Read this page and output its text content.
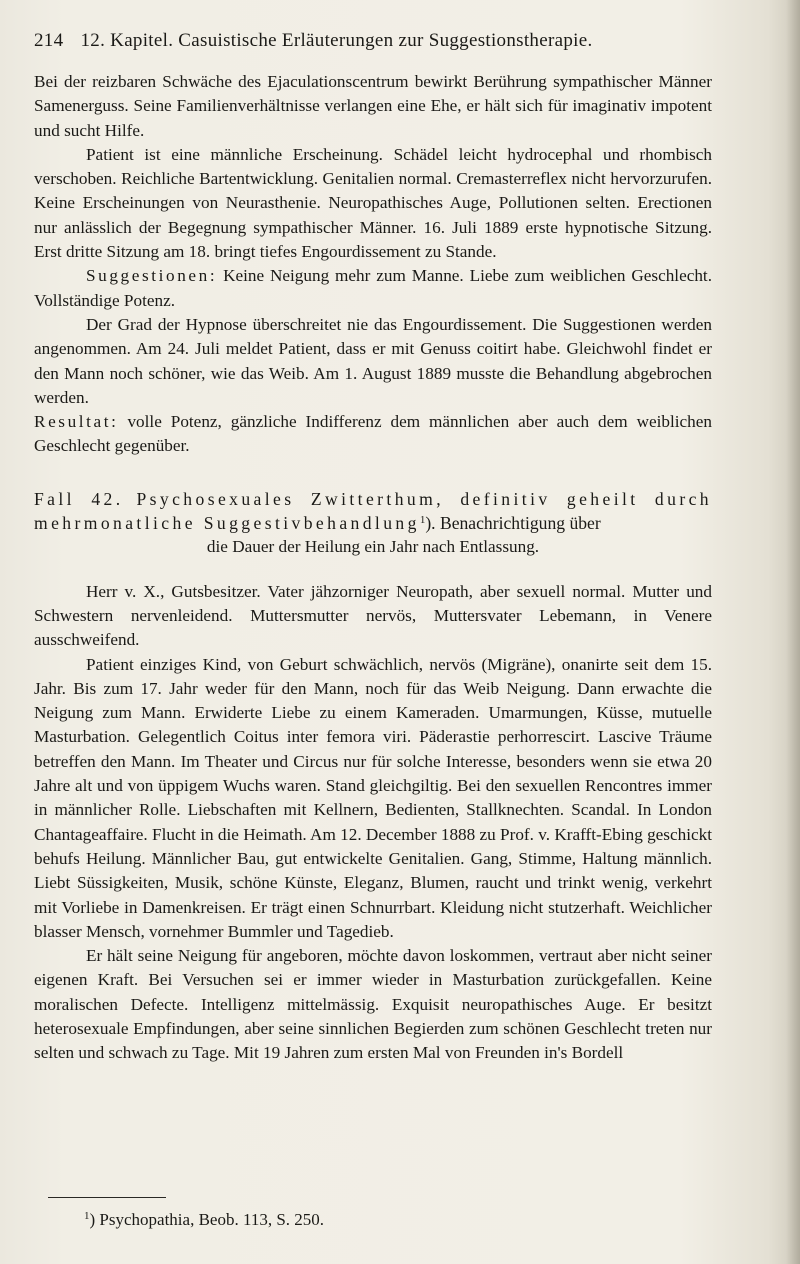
214 12. Kapitel. Casuistische Erläuterungen zur Suggestionstherapie.

Bei der reizbaren Schwäche des Ejaculationscentrum bewirkt Berührung sympathischer Männer Samenerguss. Seine Familienverhältnisse verlangen eine Ehe, er hält sich für imaginativ impotent und sucht Hilfe.

Patient ist eine männliche Erscheinung. Schädel leicht hydrocephal und rhombisch verschoben. Reichliche Bartentwicklung. Genitalien normal. Cremasterreflex nicht hervorzurufen. Keine Erscheinungen von Neurasthenie. Neuropathisches Auge, Pollutionen selten. Erectionen nur anlässlich der Begegnung sympathischer Männer. 16. Juli 1889 erste hypnotische Sitzung. Erst dritte Sitzung am 18. bringt tiefes Engourdissement zu Stande.

Suggestionen: Keine Neigung mehr zum Manne. Liebe zum weiblichen Geschlecht. Vollständige Potenz.

Der Grad der Hypnose überschreitet nie das Engourdissement. Die Suggestionen werden angenommen. Am 24. Juli meldet Patient, dass er mit Genuss coitirt habe. Gleichwohl findet er den Mann noch schöner, wie das Weib. Am 1. August 1889 musste die Behandlung abgebrochen werden.

Resultat: volle Potenz, gänzliche Indifferenz dem männlichen aber auch dem weiblichen Geschlecht gegenüber.

Fall 42. Psychosexuales Zwitterthum, definitiv geheilt durch mehrmonatliche Suggestivbehandlung$^1$). Benachrichtigung über

die Dauer der Heilung ein Jahr nach Entlassung.

Herr v. X., Gutsbesitzer. Vater jähzorniger Neuropath, aber sexuell normal. Mutter und Schwestern nervenleidend. Muttersmutter nervös, Muttersvater Lebemann, in Venere ausschweifend.

Patient einziges Kind, von Geburt schwächlich, nervös (Migräne), onanirte seit dem 15. Jahr. Bis zum 17. Jahr weder für den Mann, noch für das Weib Neigung. Dann erwachte die Neigung zum Mann. Erwiderte Liebe zu einem Kameraden. Umarmungen, Küsse, mutuelle Masturbation. Gelegentlich Coitus inter femora viri. Päderastie perhorrescirt. Lascive Träume betreffen den Mann. Im Theater und Circus nur für solche Interesse, besonders wenn sie etwa 20 Jahre alt und von üppigem Wuchs waren. Stand gleichgiltig. Bei den sexuellen Rencontres immer in männlicher Rolle. Liebschaften mit Kellnern, Bedienten, Stallknechten. Scandal. In London Chantageaffaire. Flucht in die Heimath. Am 12. December 1888 zu Prof. v. Krafft-Ebing geschickt behufs Heilung. Männlicher Bau, gut entwickelte Genitalien. Gang, Stimme, Haltung männlich. Liebt Süssigkeiten, Musik, schöne Künste, Eleganz, Blumen, raucht und trinkt wenig, verkehrt mit Vorliebe in Damenkreisen. Er trägt einen Schnurrbart. Kleidung nicht stutzerhaft. Weichlicher blasser Mensch, vornehmer Bummler und Tagedieb.

Er hält seine Neigung für angeboren, möchte davon loskommen, vertraut aber nicht seiner eigenen Kraft. Bei Versuchen sei er immer wieder in Masturbation zurückgefallen. Keine moralischen Defecte. Intelligenz mittelmässig. Exquisit neuropathisches Auge. Er besitzt heterosexuale Empfindungen, aber seine sinnlichen Begierden zum schönen Geschlecht treten nur selten und schwach zu Tage. Mit 19 Jahren zum ersten Mal von Freunden in's Bordell

$^1$) Psychopathia, Beob. 113, S. 250.
